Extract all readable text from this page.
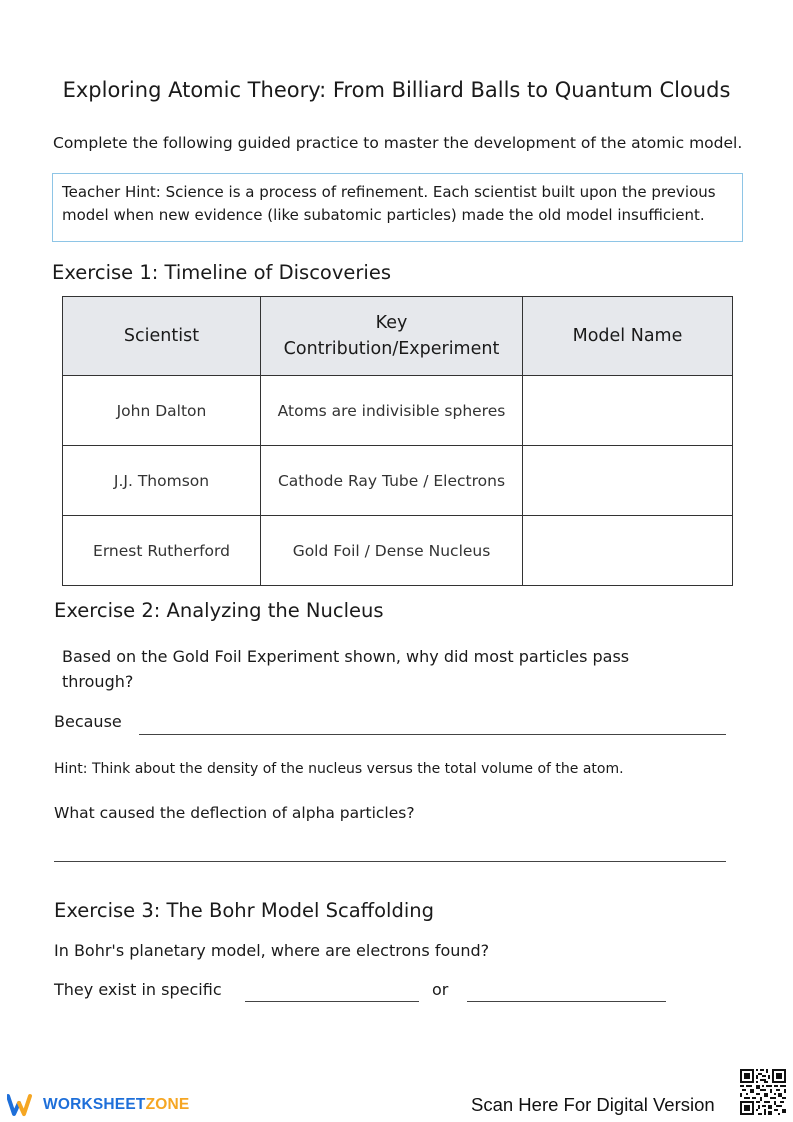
Exploring Atomic Theory: From Billiard Balls to Quantum Clouds
Complete the following guided practice to master the development of the atomic model.
Teacher Hint: Science is a process of refinement. Each scientist built upon the previous model when new evidence (like subatomic particles) made the old model insufficient.
Exercise 1: Timeline of Discoveries
Scientist	Key Contribution/Experiment	Model Name
John Dalton	Atoms are indivisible spheres	
J.J. Thomson	Cathode Ray Tube / Electrons	
Ernest Rutherford	Gold Foil / Dense Nucleus	
Exercise 2: Analyzing the Nucleus
Based on the Gold Foil Experiment shown, why did most particles pass through?
Because
Hint: Think about the density of the nucleus versus the total volume of the atom.
What caused the deflection of alpha particles?
Exercise 3: The Bohr Model Scaffolding
In Bohr's planetary model, where are electrons found?
They exist in specific	or
WORKSHEETZONE	Scan Here For Digital Version
